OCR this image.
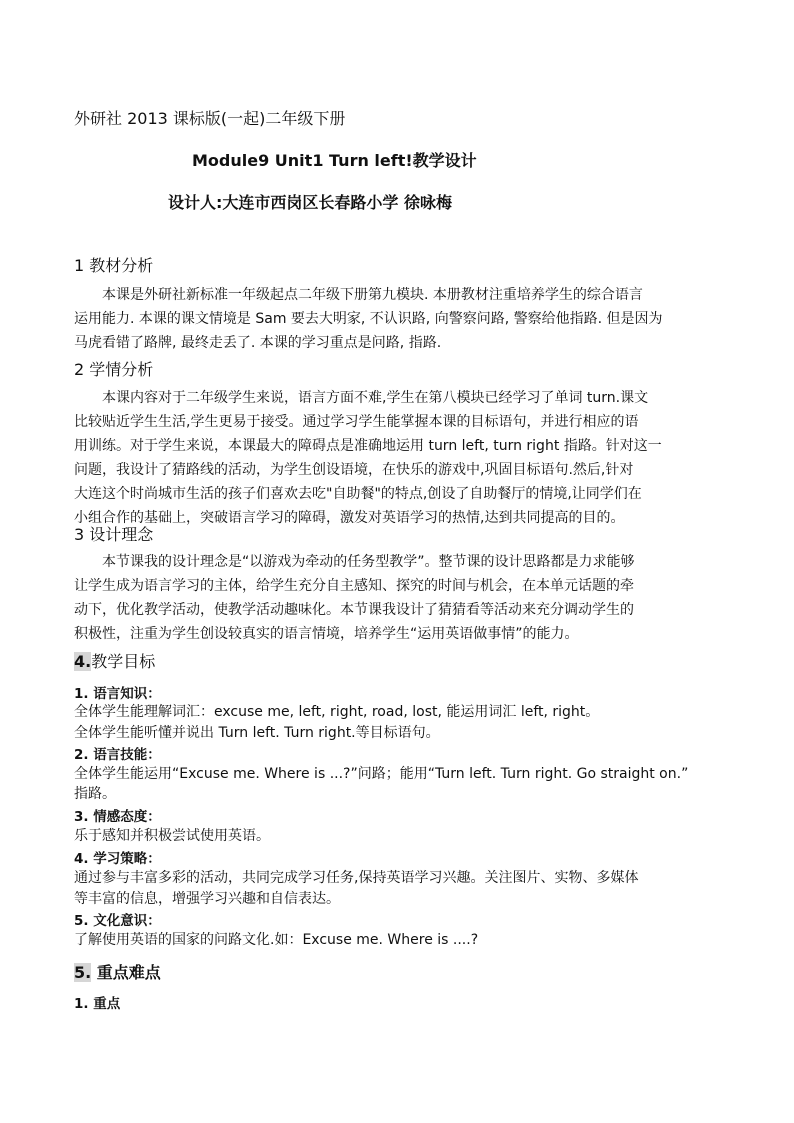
外研社 2013 课标版(一起)二年级下册
Module9 Unit1 Turn left!教学设计
设计人:大连市西岗区长春路小学 徐咏梅
1 教材分析
本课是外研社新标准一年级起点二年级下册第九模块. 本册教材注重培养学生的综合语言
运用能力. 本课的课文情境是 Sam 要去大明家, 不认识路, 向警察问路, 警察给他指路. 但是因为
马虎看错了路牌, 最终走丢了. 本课的学习重点是问路, 指路.
2 学情分析
本课内容对于二年级学生来说，语言方面不难,学生在第八模块已经学习了单词 turn.课文
比较贴近学生生活,学生更易于接受。通过学习学生能掌握本课的目标语句，并进行相应的语
用训练。对于学生来说，本课最大的障碍点是准确地运用 turn left, turn right 指路。针对这一
问题，我设计了猜路线的活动，为学生创设语境，在快乐的游戏中,巩固目标语句.然后,针对
大连这个时尚城市生活的孩子们喜欢去吃"自助餐"的特点,创设了自助餐厅的情境,让同学们在
小组合作的基础上，突破语言学习的障碍，激发对英语学习的热情,达到共同提高的目的。
3 设计理念
本节课我的设计理念是“以游戏为牵动的任务型教学”。整节课的设计思路都是力求能够
让学生成为语言学习的主体，给学生充分自主感知、探究的时间与机会，在本单元话题的牵
动下，优化教学活动，使教学活动趣味化。本节课我设计了猜猜看等活动来充分调动学生的
积极性，注重为学生创设较真实的语言情境，培养学生“运用英语做事情”的能力。
4.教学目标
1. 语言知识：
全体学生能理解词汇：excuse me, left, right, road, lost, 能运用词汇 left, right。
全体学生能听懂并说出 Turn left. Turn right.等目标语句。
2. 语言技能：
全体学生能运用“Excuse me. Where is ...?”问路；能用“Turn left. Turn right. Go straight on.”
指路。
3. 情感态度：
乐于感知并积极尝试使用英语。
4. 学习策略：
通过参与丰富多彩的活动，共同完成学习任务,保持英语学习兴趣。关注图片、实物、多媒体
等丰富的信息，增强学习兴趣和自信表达。
5. 文化意识：
了解使用英语的国家的问路文化.如：Excuse me. Where is ....?
5. 重点难点
1. 重点
